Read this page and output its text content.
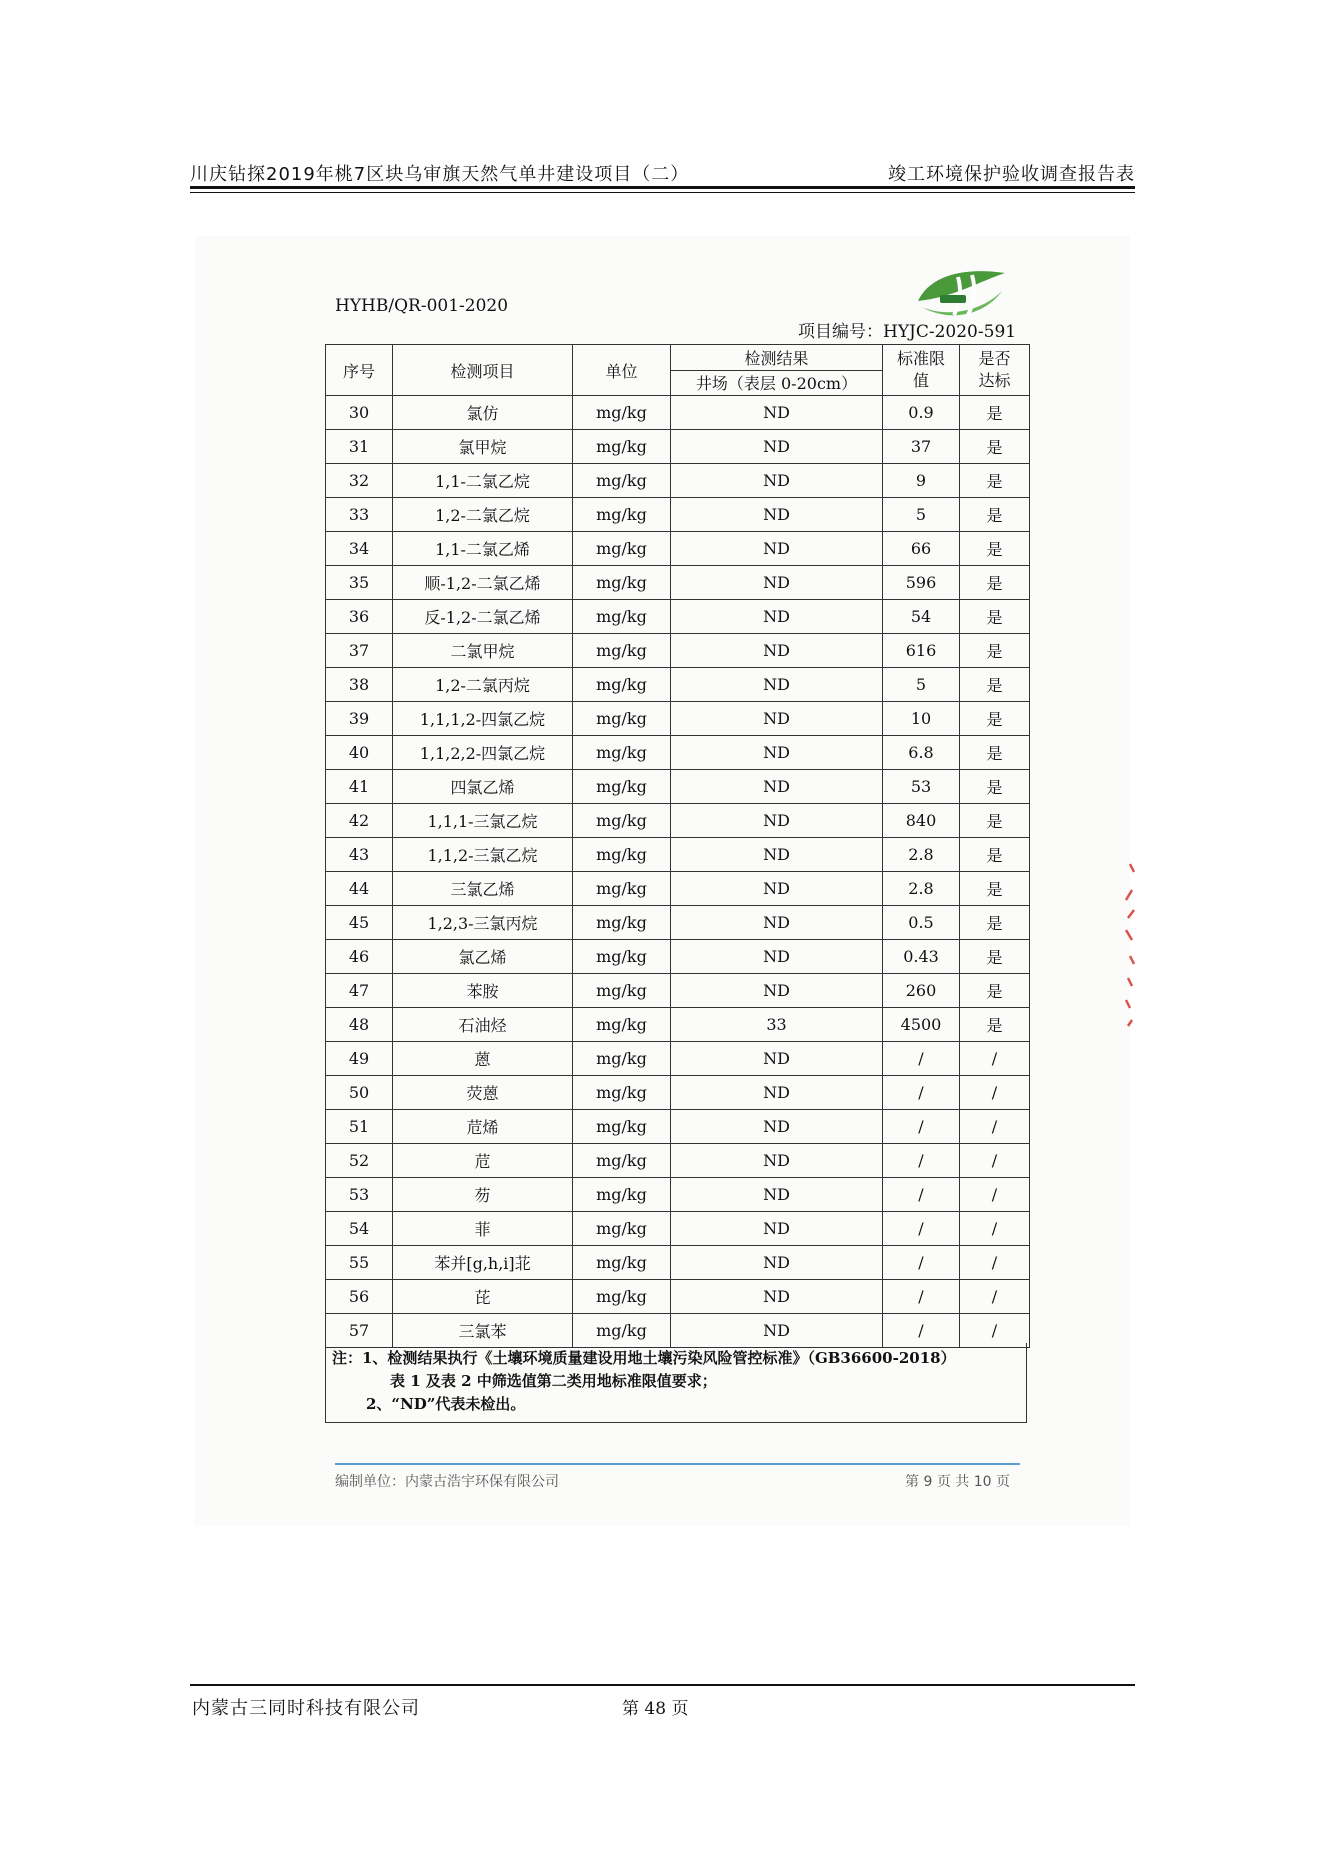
川庆钻探2019年桃7区块乌审旗天然气单井建设项目（二）	竣工环境保护验收调查报告表
HYHB/QR-001-2020
项目编号：HYJC-2020-591
序号	检测项目	单位	检测结果	标准限值	是否达标
			井场（表层 0-20cm）		
30	氯仿	mg/kg	ND	0.9	是
31	氯甲烷	mg/kg	ND	37	是
32	1,1-二氯乙烷	mg/kg	ND	9	是
33	1,2-二氯乙烷	mg/kg	ND	5	是
34	1,1-二氯乙烯	mg/kg	ND	66	是
35	顺-1,2-二氯乙烯	mg/kg	ND	596	是
36	反-1,2-二氯乙烯	mg/kg	ND	54	是
37	二氯甲烷	mg/kg	ND	616	是
38	1,2-二氯丙烷	mg/kg	ND	5	是
39	1,1,1,2-四氯乙烷	mg/kg	ND	10	是
40	1,1,2,2-四氯乙烷	mg/kg	ND	6.8	是
41	四氯乙烯	mg/kg	ND	53	是
42	1,1,1-三氯乙烷	mg/kg	ND	840	是
43	1,1,2-三氯乙烷	mg/kg	ND	2.8	是
44	三氯乙烯	mg/kg	ND	2.8	是
45	1,2,3-三氯丙烷	mg/kg	ND	0.5	是
46	氯乙烯	mg/kg	ND	0.43	是
47	苯胺	mg/kg	ND	260	是
48	石油烃	mg/kg	33	4500	是
49	蒽	mg/kg	ND	/	/
50	荧蒽	mg/kg	ND	/	/
51	苊烯	mg/kg	ND	/	/
52	苊	mg/kg	ND	/	/
53	芴	mg/kg	ND	/	/
54	菲	mg/kg	ND	/	/
55	苯并[g,h,i]苝	mg/kg	ND	/	/
56	芘	mg/kg	ND	/	/
57	三氯苯	mg/kg	ND	/	/
注：1、检测结果执行《土壤环境质量建设用地土壤污染风险管控标准》（GB36600-2018）
表 1 及表 2 中筛选值第二类用地标准限值要求；
2、“ND”代表未检出。
编制单位：内蒙古浩宇环保有限公司	第 9 页 共 10 页
内蒙古三同时科技有限公司	第 48 页
